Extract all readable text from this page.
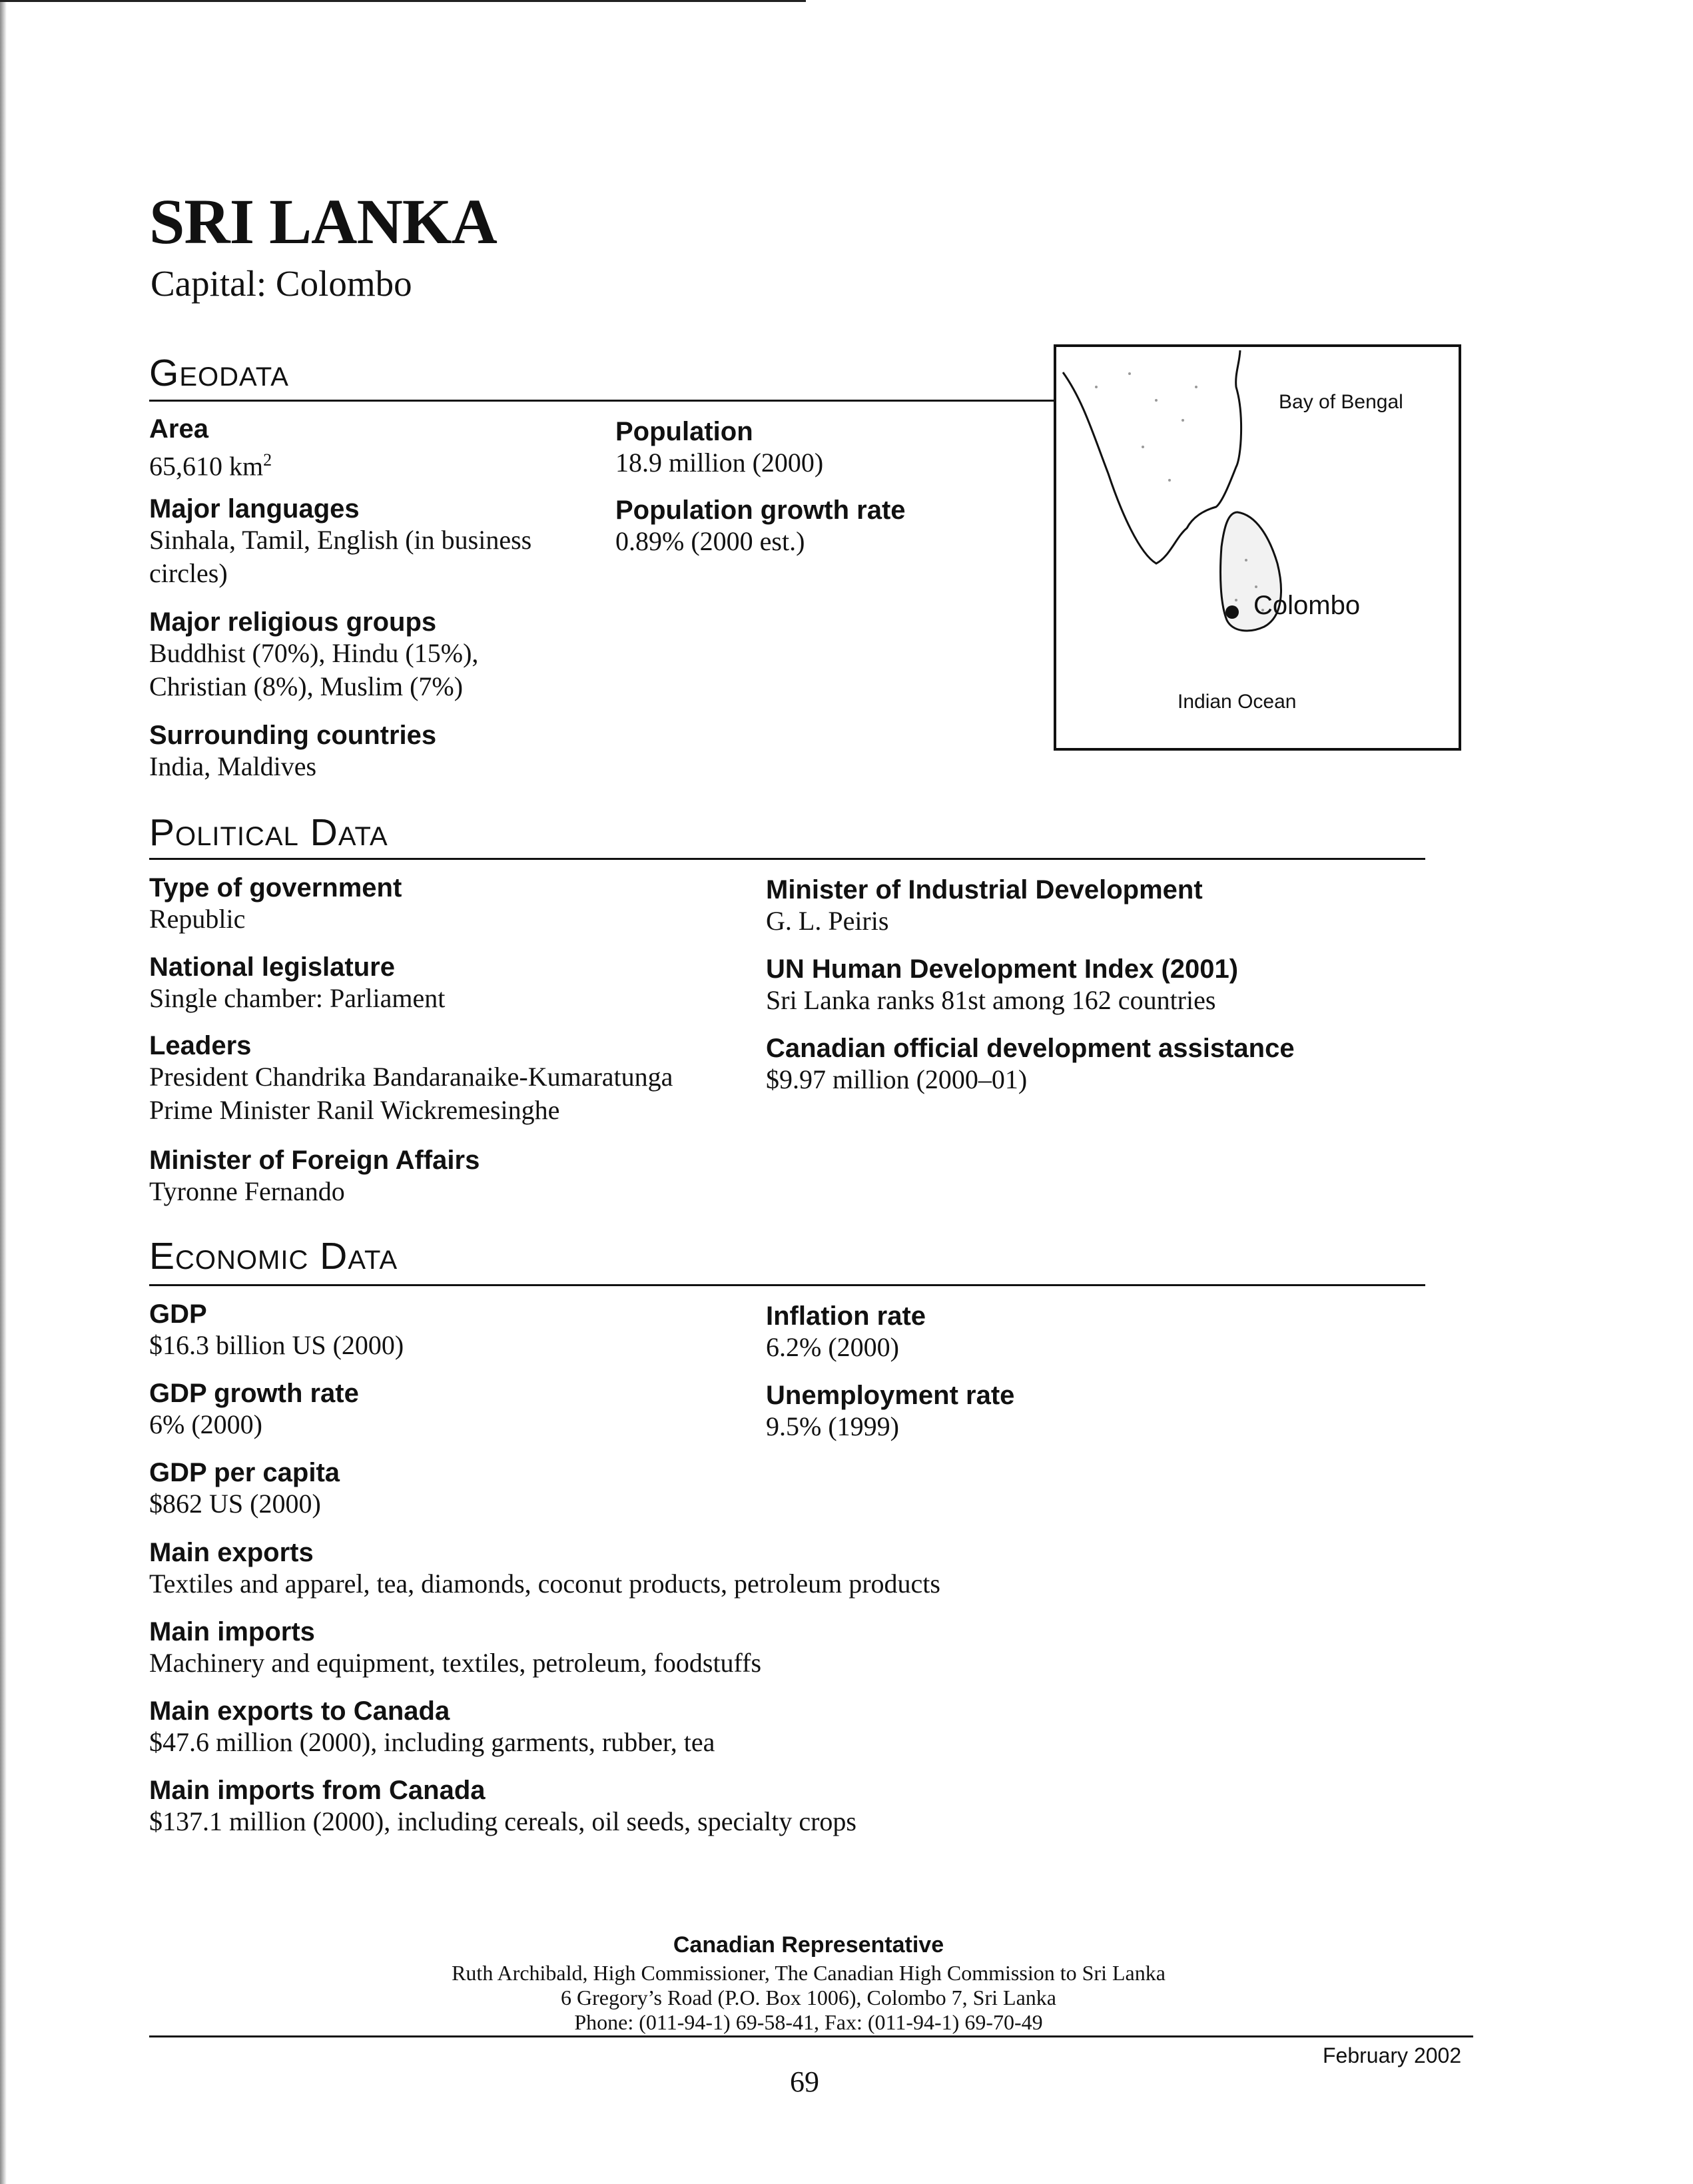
SRI LANKA

Capital: Colombo

Geodata

Area

65,610 $km^2$

Major languages

Sinhala, Tamil, English (in business
circles)

Major religious groups

Buddhist (70%), Hindu (15%),
Christian (8%), Muslim (7%)

Surrounding countries

India, Maldives

Population

18.9 million (2000)

Population growth rate

0.89% (2000 est.)

Bay of Bengal
Colombo
Indian Ocean
Political Data

Type of government

Republic

National legislature

Single chamber: Parliament

Leaders

President Chandrika Bandaranaike-Kumaratunga
Prime Minister Ranil Wickremesinghe

Minister of Foreign Affairs

Tyronne Fernando

Minister of Industrial Development

G. L. Peiris

UN Human Development Index (2001)

Sri Lanka ranks 81st among 162 countries

Canadian official development assistance

$9.97 million (2000–01)

Economic Data

GDP

$16.3 billion US (2000)

GDP growth rate

6% (2000)

GDP per capita

$862 US (2000)

Inflation rate

6.2% (2000)

Unemployment rate

9.5% (1999)

Main exports

Textiles and apparel, tea, diamonds, coconut products, petroleum products

Main imports

Machinery and equipment, textiles, petroleum, foodstuffs

Main exports to Canada

$47.6 million (2000), including garments, rubber, tea

Main imports from Canada

$137.1 million (2000), including cereals, oil seeds, specialty crops

Canadian Representative

Ruth Archibald, High Commissioner, The Canadian High Commission to Sri Lanka

6 Gregory’s Road (P.O. Box 1006), Colombo 7, Sri Lanka

Phone: (011-94-1) 69-58-41, Fax: (011-94-1) 69-70-49

February 2002

69
